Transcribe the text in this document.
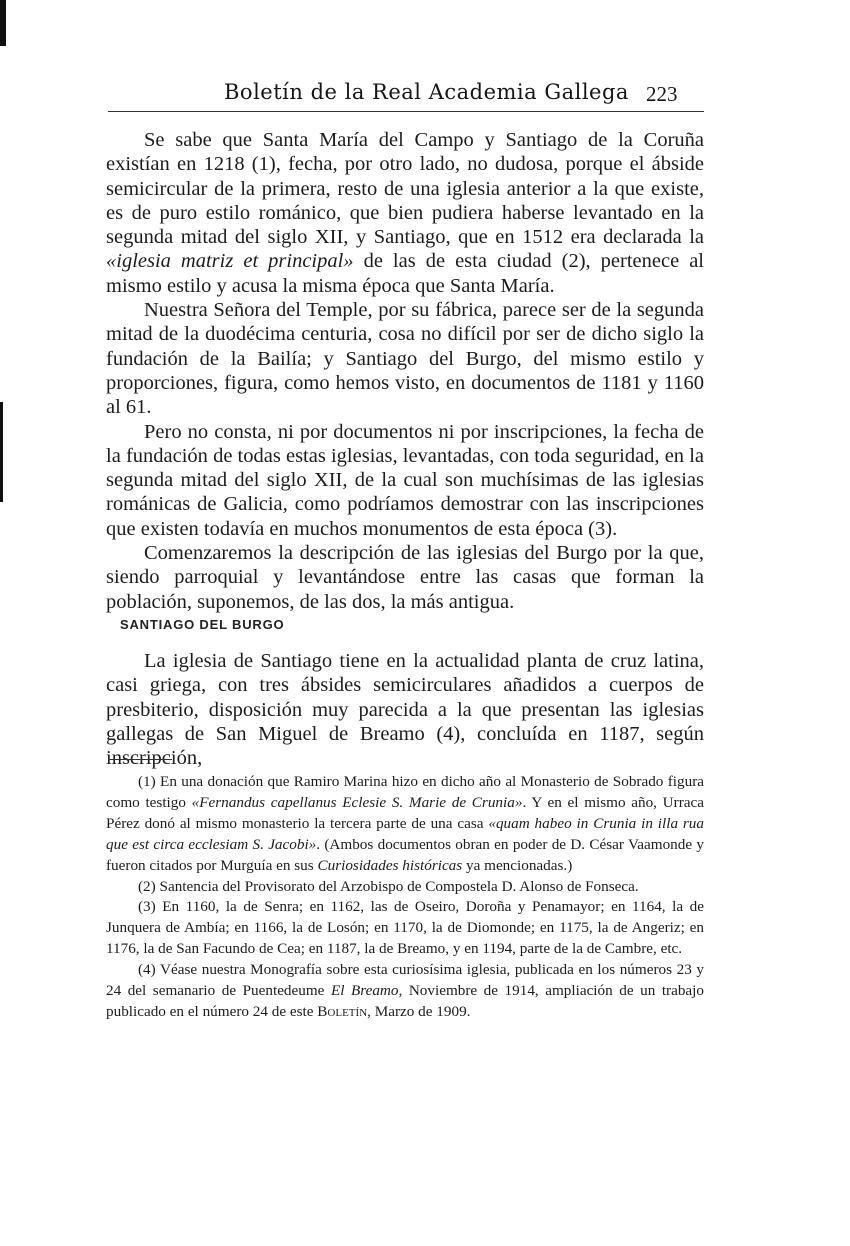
Boletín de la Real Academia Gallega 223

Se sabe que Santa María del Campo y Santiago de la Coruña existían en 1218 (1), fecha, por otro lado, no dudosa, porque el ábside semicircular de la primera, resto de una iglesia anterior a la que existe, es de puro estilo románico, que bien pudiera haberse levantado en la segunda mitad del siglo XII, y Santiago, que en 1512 era declarada la «iglesia matriz et principal» de las de esta ciudad (2), pertenece al mismo estilo y acusa la misma época que Santa María.

Nuestra Señora del Temple, por su fábrica, parece ser de la segunda mitad de la duodécima centuria, cosa no difícil por ser de dicho siglo la fundación de la Bailía; y Santiago del Burgo, del mismo estilo y proporciones, figura, como hemos visto, en documentos de 1181 y 1160 al 61.

Pero no consta, ni por documentos ni por inscripciones, la fecha de la fundación de todas estas iglesias, levantadas, con toda seguridad, en la segunda mitad del siglo XII, de la cual son muchísimas de las iglesias románicas de Galicia, como podríamos demostrar con las inscripciones que existen todavía en muchos monumentos de esta época (3).

Comenzaremos la descripción de las iglesias del Burgo por la que, siendo parroquial y levantándose entre las casas que forman la población, suponemos, de las dos, la más antigua.

SANTIAGO DEL BURGO

La iglesia de Santiago tiene en la actualidad planta de cruz latina, casi griega, con tres ábsides semicirculares añadidos a cuerpos de presbiterio, disposición muy parecida a la que presentan las iglesias gallegas de San Miguel de Breamo (4), concluída en 1187, según inscripción,

(1) En una donación que Ramiro Marina hizo en dicho año al Monasterio de Sobrado figura como testigo «Fernandus capellanus Eclesie S. Marie de Crunia». Y en el mismo año, Urraca Pérez donó al mismo monasterio la tercera parte de una casa «quam habeo in Crunia in illa rua que est circa ecclesiam S. Jacobi». (Ambos documentos obran en poder de D. César Vaamonde y fueron citados por Murguía en sus Curiosidades históricas ya mencionadas.)

(2) Santencia del Provisorato del Arzobispo de Compostela D. Alonso de Fonseca.

(3) En 1160, la de Senra; en 1162, las de Oseiro, Doroña y Penamayor; en 1164, la de Junquera de Ambía; en 1166, la de Losón; en 1170, la de Diomonde; en 1175, la de Angeriz; en 1176, la de San Facundo de Cea; en 1187, la de Breamo, y en 1194, parte de la de Cambre, etc.

(4) Véase nuestra Monografía sobre esta curiosísima iglesia, publicada en los números 23 y 24 del semanario de Puentedeume El Breamo, Noviembre de 1914, ampliación de un trabajo publicado en el número 24 de este Boletín, Marzo de 1909.
